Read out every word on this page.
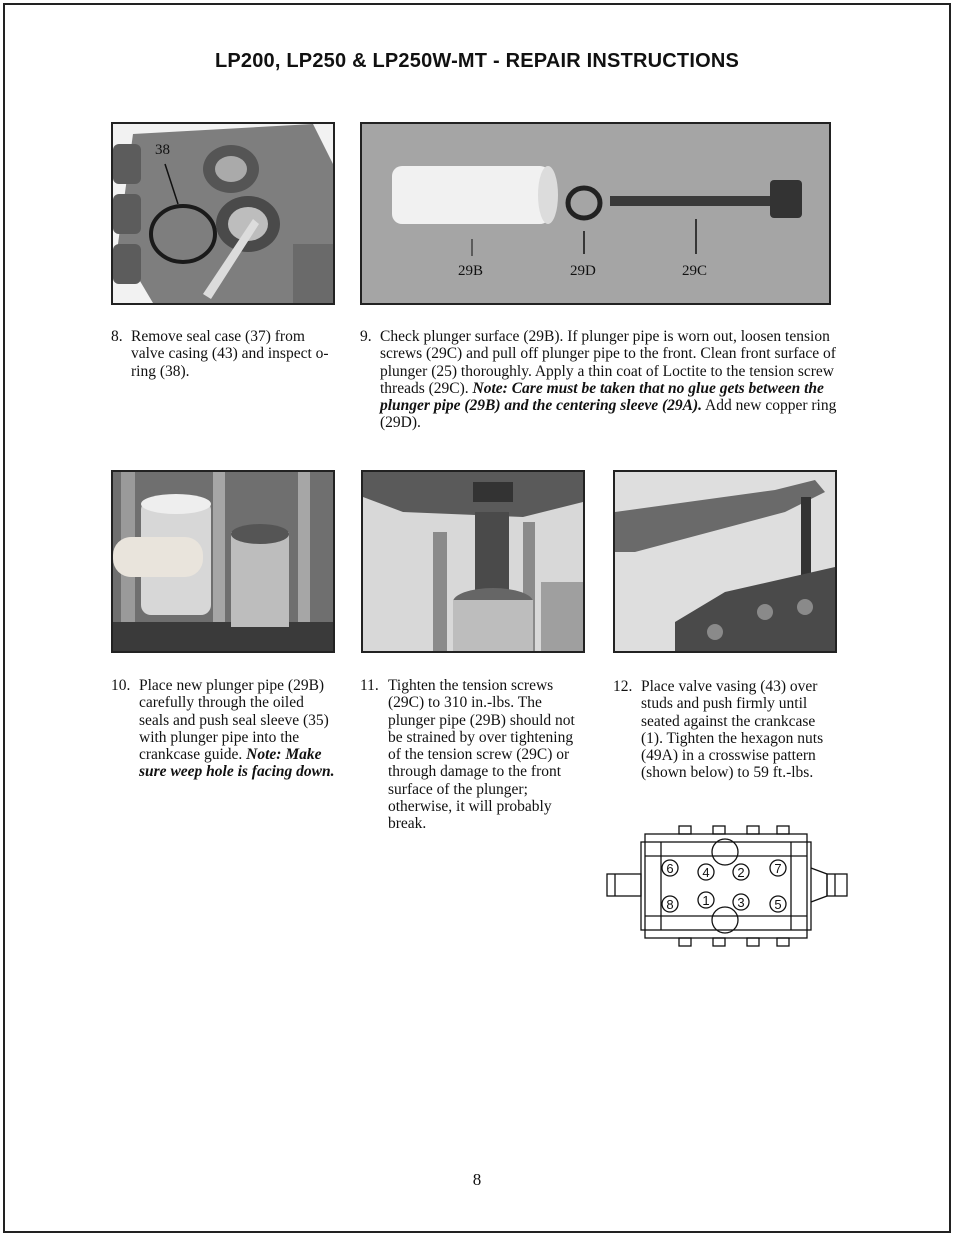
LP200, LP250 & LP250W-MT - REPAIR INSTRUCTIONS
38
29B	29D	29C
8. Remove seal case (37) from valve casing (43) and inspect o-ring (38).
9. Check plunger surface (29B). If plunger pipe is worn out, loosen tension screws (29C) and pull off plunger pipe to the front. Clean front surface of plunger (25) thoroughly. Apply a thin coat of Loctite to the tension screw threads (29C). Note: Care must be taken that no glue gets between the plunger pipe (29B) and the centering sleeve (29A). Add new copper ring (29D).
10. Place new plunger pipe (29B) carefully through the oiled seals and push seal sleeve (35) with plunger pipe into the crankcase guide. Note: Make sure weep hole is facing down.
11. Tighten the tension screws (29C) to 310 in.-lbs. The plunger pipe (29B) should not be strained by over tightening of the tension screw (29C) or through damage to the front surface of the plunger; otherwise, it will probably break.
12. Place valve vasing (43) over studs and push firmly until seated against the crankcase (1). Tighten the hexagon nuts (49A) in a crosswise pattern (shown below) to 59 ft.-lbs.
6 4 2 7
8 1 3 5
8
